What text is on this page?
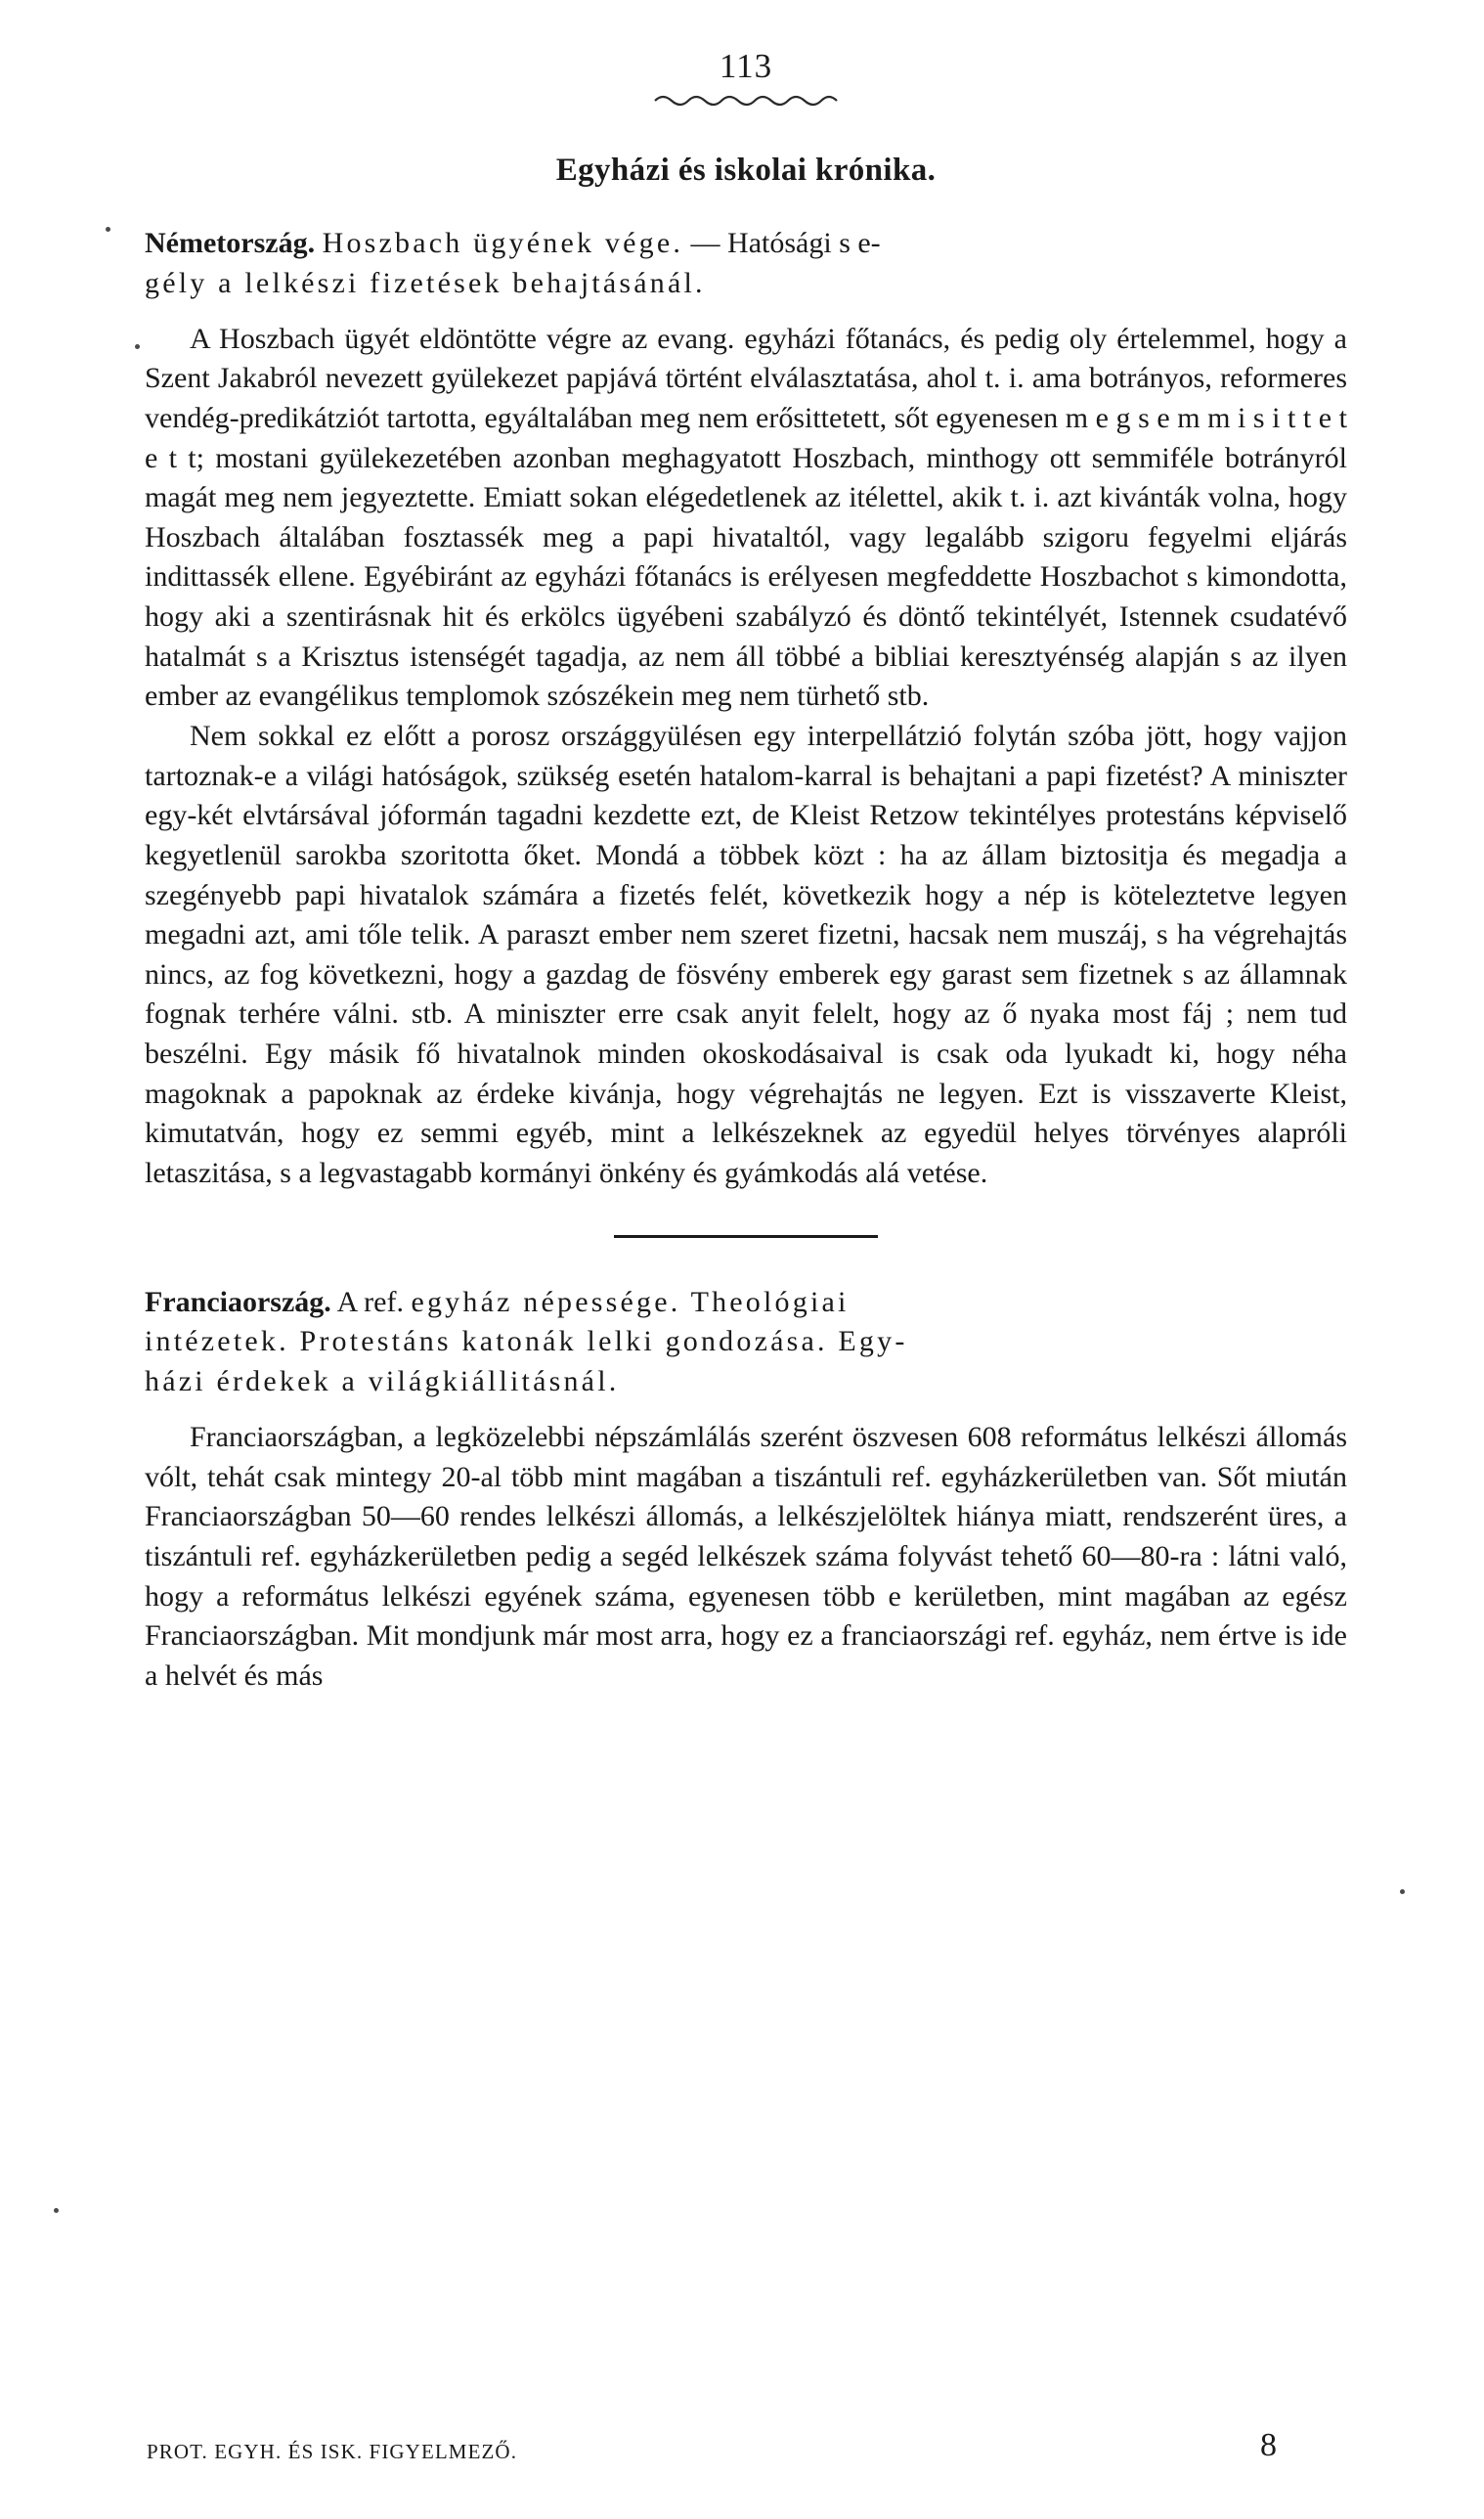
113
Egyházi és iskolai krónika.
Németország. Hoszbach ügyének vége. — Hatósági s e-
gély a lelkészi fizetések behajtásánál.

A Hoszbach ügyét eldöntötte végre az evang. egyházi főtanács, és pedig oly értelemmel, hogy a Szent Jakabról nevezett gyülekezet papjává történt elválasztatása, ahol t. i. ama botrányos, reformeres vendég-predikátziót tartotta, egyáltalában meg nem erősittetett, sőt egyenesen m e g s e m m i s i t t e t e t t; mostani gyülekezetében azonban meghagyatott Hoszbach, minthogy ott semmiféle botrányról magát meg nem jegyeztette. Emiatt sokan elégedetlenek az itélettel, akik t. i. azt kivánták volna, hogy Hoszbach általában fosztassék meg a papi hivataltól, vagy legalább szigoru fegyelmi eljárás indittassék ellene. Egyébiránt az egyházi főtanács is erélyesen megfeddette Hoszbachot s kimondotta, hogy aki a szentirásnak hit és erkölcs ügyébeni szabályzó és döntő tekintélyét, Istennek csudatévő hatalmát s a Krisztus istenségét tagadja, az nem áll többé a bibliai keresztyénség alapján s az ilyen ember az evangélikus templomok szószékein meg nem türhető stb.

Nem sokkal ez előtt a porosz országgyülésen egy interpellátzió folytán szóba jött, hogy vajjon tartoznak-e a világi hatóságok, szükség esetén hatalom-karral is behajtani a papi fizetést? A miniszter egy-két elvtársával jóformán tagadni kezdette ezt, de Kleist Retzow tekintélyes protestáns képviselő kegyetlenül sarokba szoritotta őket. Mondá a többek közt : ha az állam biztositja és megadja a szegényebb papi hivatalok számára a fizetés felét, következik hogy a nép is köteleztetve legyen megadni azt, ami tőle telik. A paraszt ember nem szeret fizetni, hacsak nem muszáj, s ha végrehajtás nincs, az fog következni, hogy a gazdag de fösvény emberek egy garast sem fizetnek s az államnak fognak terhére válni. stb. A miniszter erre csak anyit felelt, hogy az ő nyaka most fáj ; nem tud beszélni. Egy másik fő hivatalnok minden okoskodásaival is csak oda lyukadt ki, hogy néha magoknak a papoknak az érdeke kivánja, hogy végrehajtás ne legyen. Ezt is visszaverte Kleist, kimutatván, hogy ez semmi egyéb, mint a lelkészeknek az egyedül helyes törvényes alapróli letaszitása, s a legvastagabb kormányi önkény és gyámkodás alá vetése.

Franciaország. A ref. egyház népessége. Theológiai
intézetek. Protestáns katonák lelki gondozása. Egy-
házi érdekek a világkiállitásnál.

Franciaországban, a legközelebbi népszámlálás szerént öszvesen 608 református lelkészi állomás vólt, tehát csak mintegy 20-al több mint magában a tiszántuli ref. egyházkerületben van. Sőt miután Franciaországban 50—60 rendes lelkészi állomás, a lelkészjelöltek hiánya miatt, rendszerént üres, a tiszántuli ref. egyházkerületben pedig a segéd lelkészek száma folyvást tehető 60—80-ra : látni való, hogy a református lelkészi egyének száma, egyenesen több e kerületben, mint magában az egész Franciaországban. Mit mondjunk már most arra, hogy ez a franciaországi ref. egyház, nem értve is ide a helvét és más

PROT. EGYH. ÉS ISK. FIGYELMEZŐ.	8
